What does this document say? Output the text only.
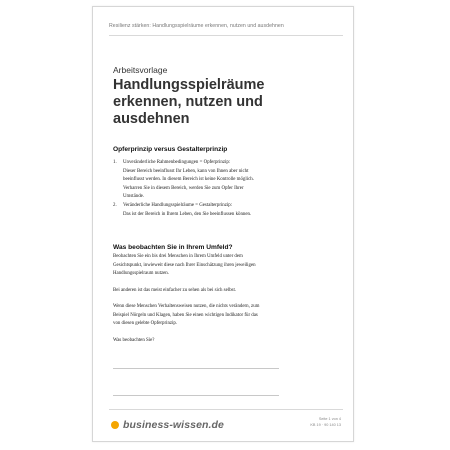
Resilienz stärken: Handlungsspielräume erkennen, nutzen und ausdehnen
Arbeitsvorlage
Handlungsspielräume
erkennen, nutzen und
ausdehnen
Opferprinzip versus Gestalterprinzip
1. Unveränderliche Rahmenbedingungen = Opferprinzip:
Dieser Bereich beeinflusst Ihr Leben, kann von Ihnen aber nicht
beeinflusst werden. In diesem Bereich ist keine Kontrolle möglich.
Verharren Sie in diesem Bereich, werden Sie zum Opfer Ihrer
Umstände.
2. Veränderliche Handlungsspielräume = Gestalterprinzip:
Das ist der Bereich in Ihrem Leben, den Sie beeinflussen können.
Was beobachten Sie in Ihrem Umfeld?
Beobachten Sie ein bis drei Menschen in Ihrem Umfeld unter dem
Gesichtspunkt, inwieweit diese nach Ihrer Einschätzung ihren jeweiligen
Handlungsspielraum nutzen.
Bei anderen ist das meist einfacher zu sehen als bei sich selbst.
Wenn diese Menschen Verhaltensweisen nutzen, die nichts verändern, zum
Beispiel Nörgeln und Klagen, haben Sie einen wichtigen Indikator für das
von diesen gelebte Opferprinzip.
Was beobachten Sie?
business-wissen.de	Seite 1 von 4
KB 19 · 90 140 13
